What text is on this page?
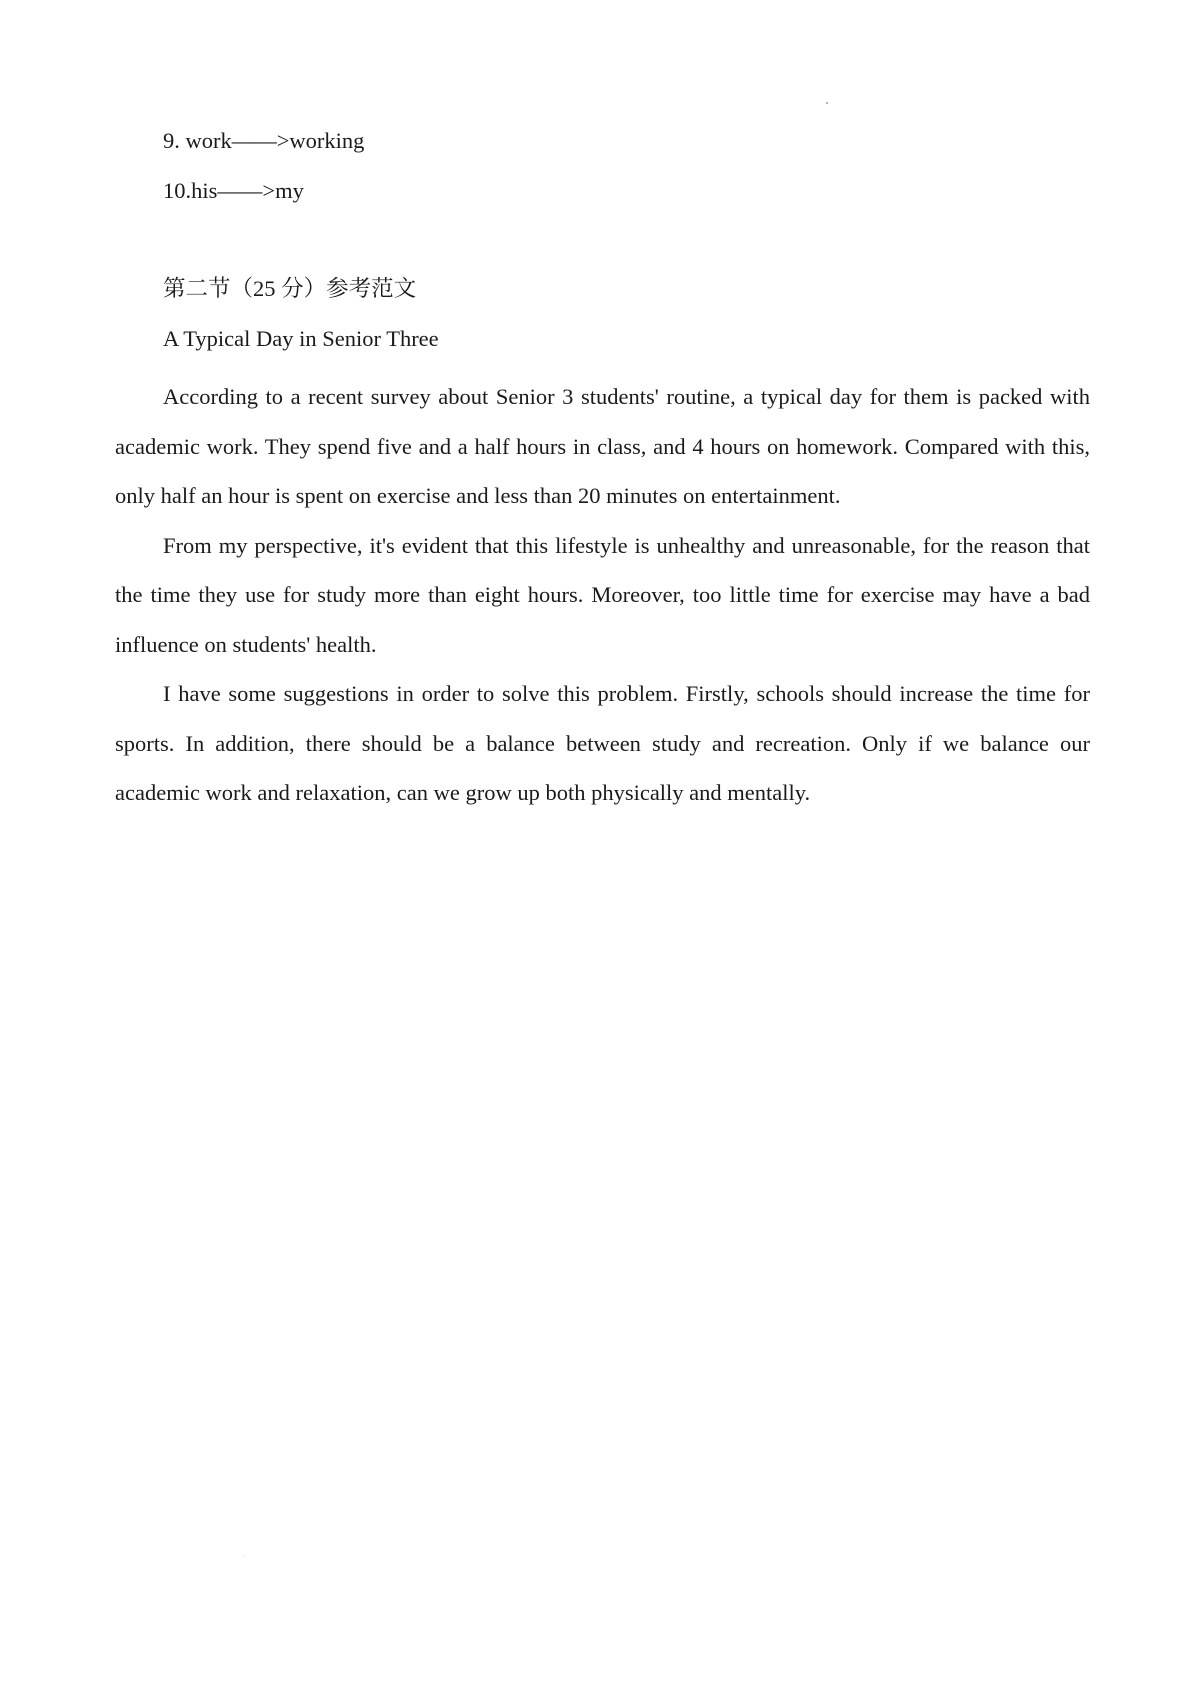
9. work——>working
10.his——>my
第二节（25 分）参考范文
A Typical Day in Senior Three

According to a recent survey about Senior 3 students' routine, a typical day for them is packed with academic work. They spend five and a half hours in class, and 4 hours on homework. Compared with this, only half an hour is spent on exercise and less than 20 minutes on entertainment.

From my perspective, it's evident that this lifestyle is unhealthy and unreasonable, for the reason that the time they use for study more than eight hours. Moreover, too little time for exercise may have a bad influence on students' health.

I have some suggestions in order to solve this problem. Firstly, schools should increase the time for sports. In addition, there should be a balance between study and recreation. Only if we balance our academic work and relaxation, can we grow up both physically and mentally.
